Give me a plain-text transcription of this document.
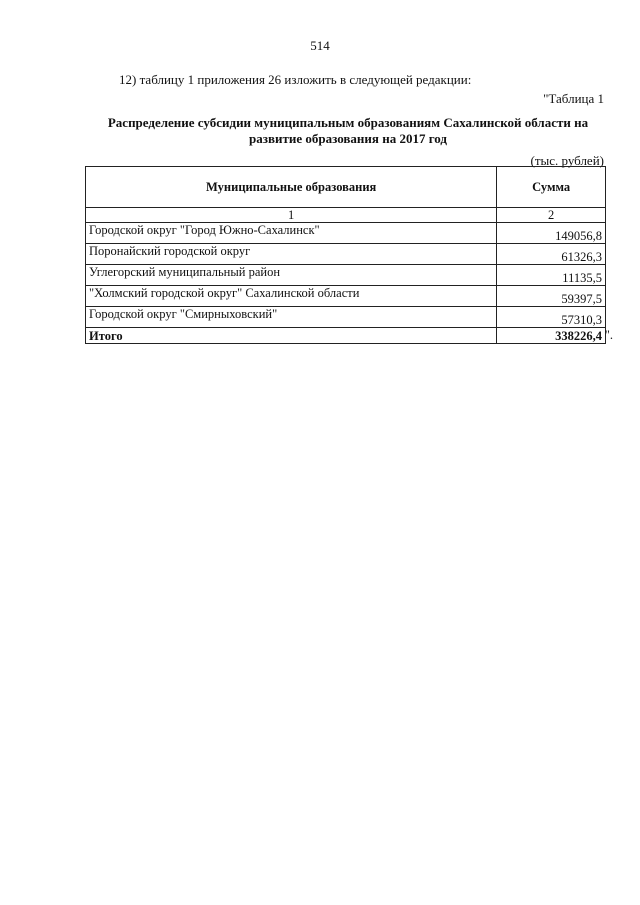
514
12) таблицу 1 приложения 26 изложить в следующей редакции:
"Таблица 1
Распределение субсидии муниципальным образованиям Сахалинской области на развитие образования на 2017 год
(тыс. рублей)
Муниципальные образования	Сумма
1	2
Городской округ "Город Южно-Сахалинск"	149056,8
Поронайский городской округ	61326,3
Углегорский муниципальный район	11135,5
"Холмский городской округ" Сахалинской области	59397,5
Городской округ "Смирныховский"	57310,3
Итого	338226,4 ".
